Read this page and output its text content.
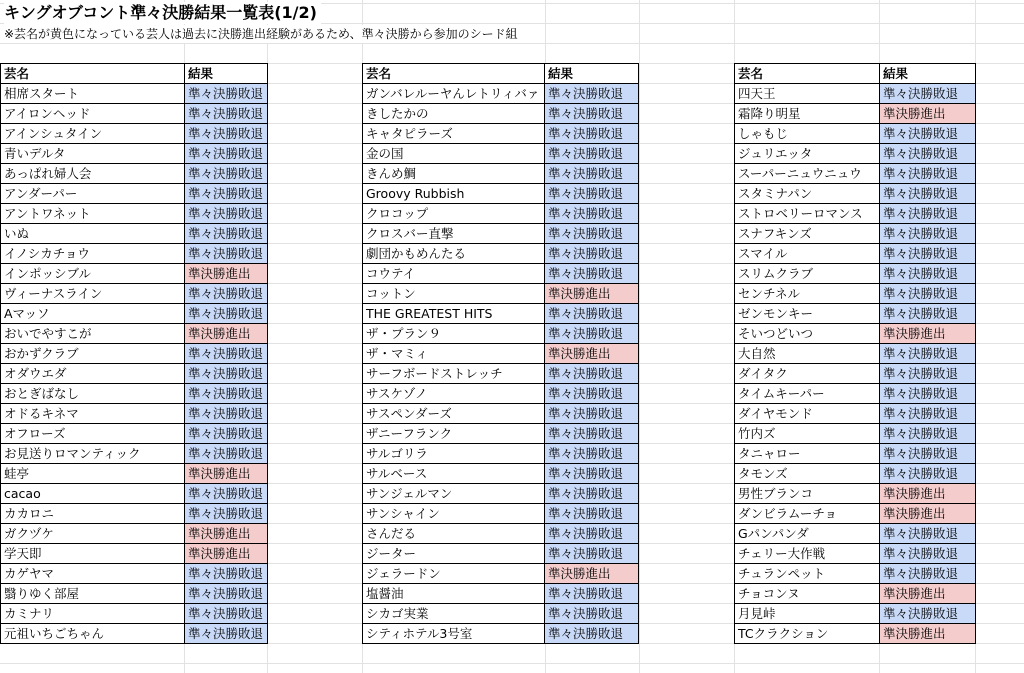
キングオブコント準々決勝結果一覧表(1/2)
※芸名が黄色になっている芸人は過去に決勝進出経験があるため、準々決勝から参加のシード組
芸名	結果
相席スタート	準々決勝敗退
アイロンヘッド	準々決勝敗退
アインシュタイン	準々決勝敗退
青いデルタ	準々決勝敗退
あっぱれ婦人会	準々決勝敗退
アンダーパー	準々決勝敗退
アントワネット	準々決勝敗退
いぬ	準々決勝敗退
イノシカチョウ	準々決勝敗退
インポッシブル	準決勝進出
ヴィーナスライン	準々決勝敗退
Aマッソ	準々決勝敗退
おいでやすこが	準決勝進出
おかずクラブ	準々決勝敗退
オダウエダ	準々決勝敗退
おとぎばなし	準々決勝敗退
オドるキネマ	準々決勝敗退
オフローズ	準々決勝敗退
お見送りロマンティック	準々決勝敗退
蛙亭	準決勝進出
cacao	準々決勝敗退
カカロニ	準々決勝敗退
ガクヅケ	準決勝進出
学天即	準決勝進出
カゲヤマ	準々決勝敗退
翳りゆく部屋	準々決勝敗退
カミナリ	準々決勝敗退
元祖いちごちゃん	準々決勝敗退
芸名	結果
ガンバレルーヤんレトリィバァ 準々決勝敗退
きしたかの	準々決勝敗退
キャタピラーズ	準々決勝敗退
金の国	準々決勝敗退
きんめ鯛	準々決勝敗退
Groovy Rubbish	準々決勝敗退
クロコップ	準々決勝敗退
クロスバー直撃	準々決勝敗退
劇団かもめんたる	準々決勝敗退
コウテイ	準々決勝敗退
コットン	準決勝進出
THE GREATEST HITS	準々決勝敗退
ザ・プラン９	準々決勝敗退
ザ・マミィ	準決勝進出
サーフボードストレッチ	準々決勝敗退
サスケゾノ	準々決勝敗退
サスペンダーズ	準々決勝敗退
ザニーフランク	準々決勝敗退
サルゴリラ	準々決勝敗退
サルベース	準々決勝敗退
サンジェルマン	準々決勝敗退
サンシャイン	準々決勝敗退
さんだる	準々決勝敗退
ジーター	準々決勝敗退
ジェラードン	準決勝進出
塩醤油	準々決勝敗退
シカゴ実業	準々決勝敗退
シティホテル3号室	準々決勝敗退
芸名	結果
四天王	準々決勝敗退
霜降り明星	準決勝進出
しゃもじ	準々決勝敗退
ジュリエッタ	準々決勝敗退
スーパーニュウニュウ	準々決勝敗退
スタミナパン	準々決勝敗退
ストロベリーロマンス	準々決勝敗退
スナフキンズ	準々決勝敗退
スマイル	準々決勝敗退
スリムクラブ	準々決勝敗退
センチネル	準々決勝敗退
ゼンモンキー	準々決勝敗退
そいつどいつ	準決勝進出
大自然	準々決勝敗退
ダイタク	準々決勝敗退
タイムキーパー	準々決勝敗退
ダイヤモンド	準々決勝敗退
竹内ズ	準々決勝敗退
タニャロー	準々決勝敗退
タモンズ	準々決勝敗退
男性ブランコ	準決勝進出
ダンビラムーチョ	準決勝進出
Gパンパンダ	準々決勝敗退
チェリー大作戦	準々決勝敗退
チュランペット	準々決勝敗退
チョコンヌ	準決勝進出
月見峠	準々決勝敗退
TCクラクション	準決勝進出
